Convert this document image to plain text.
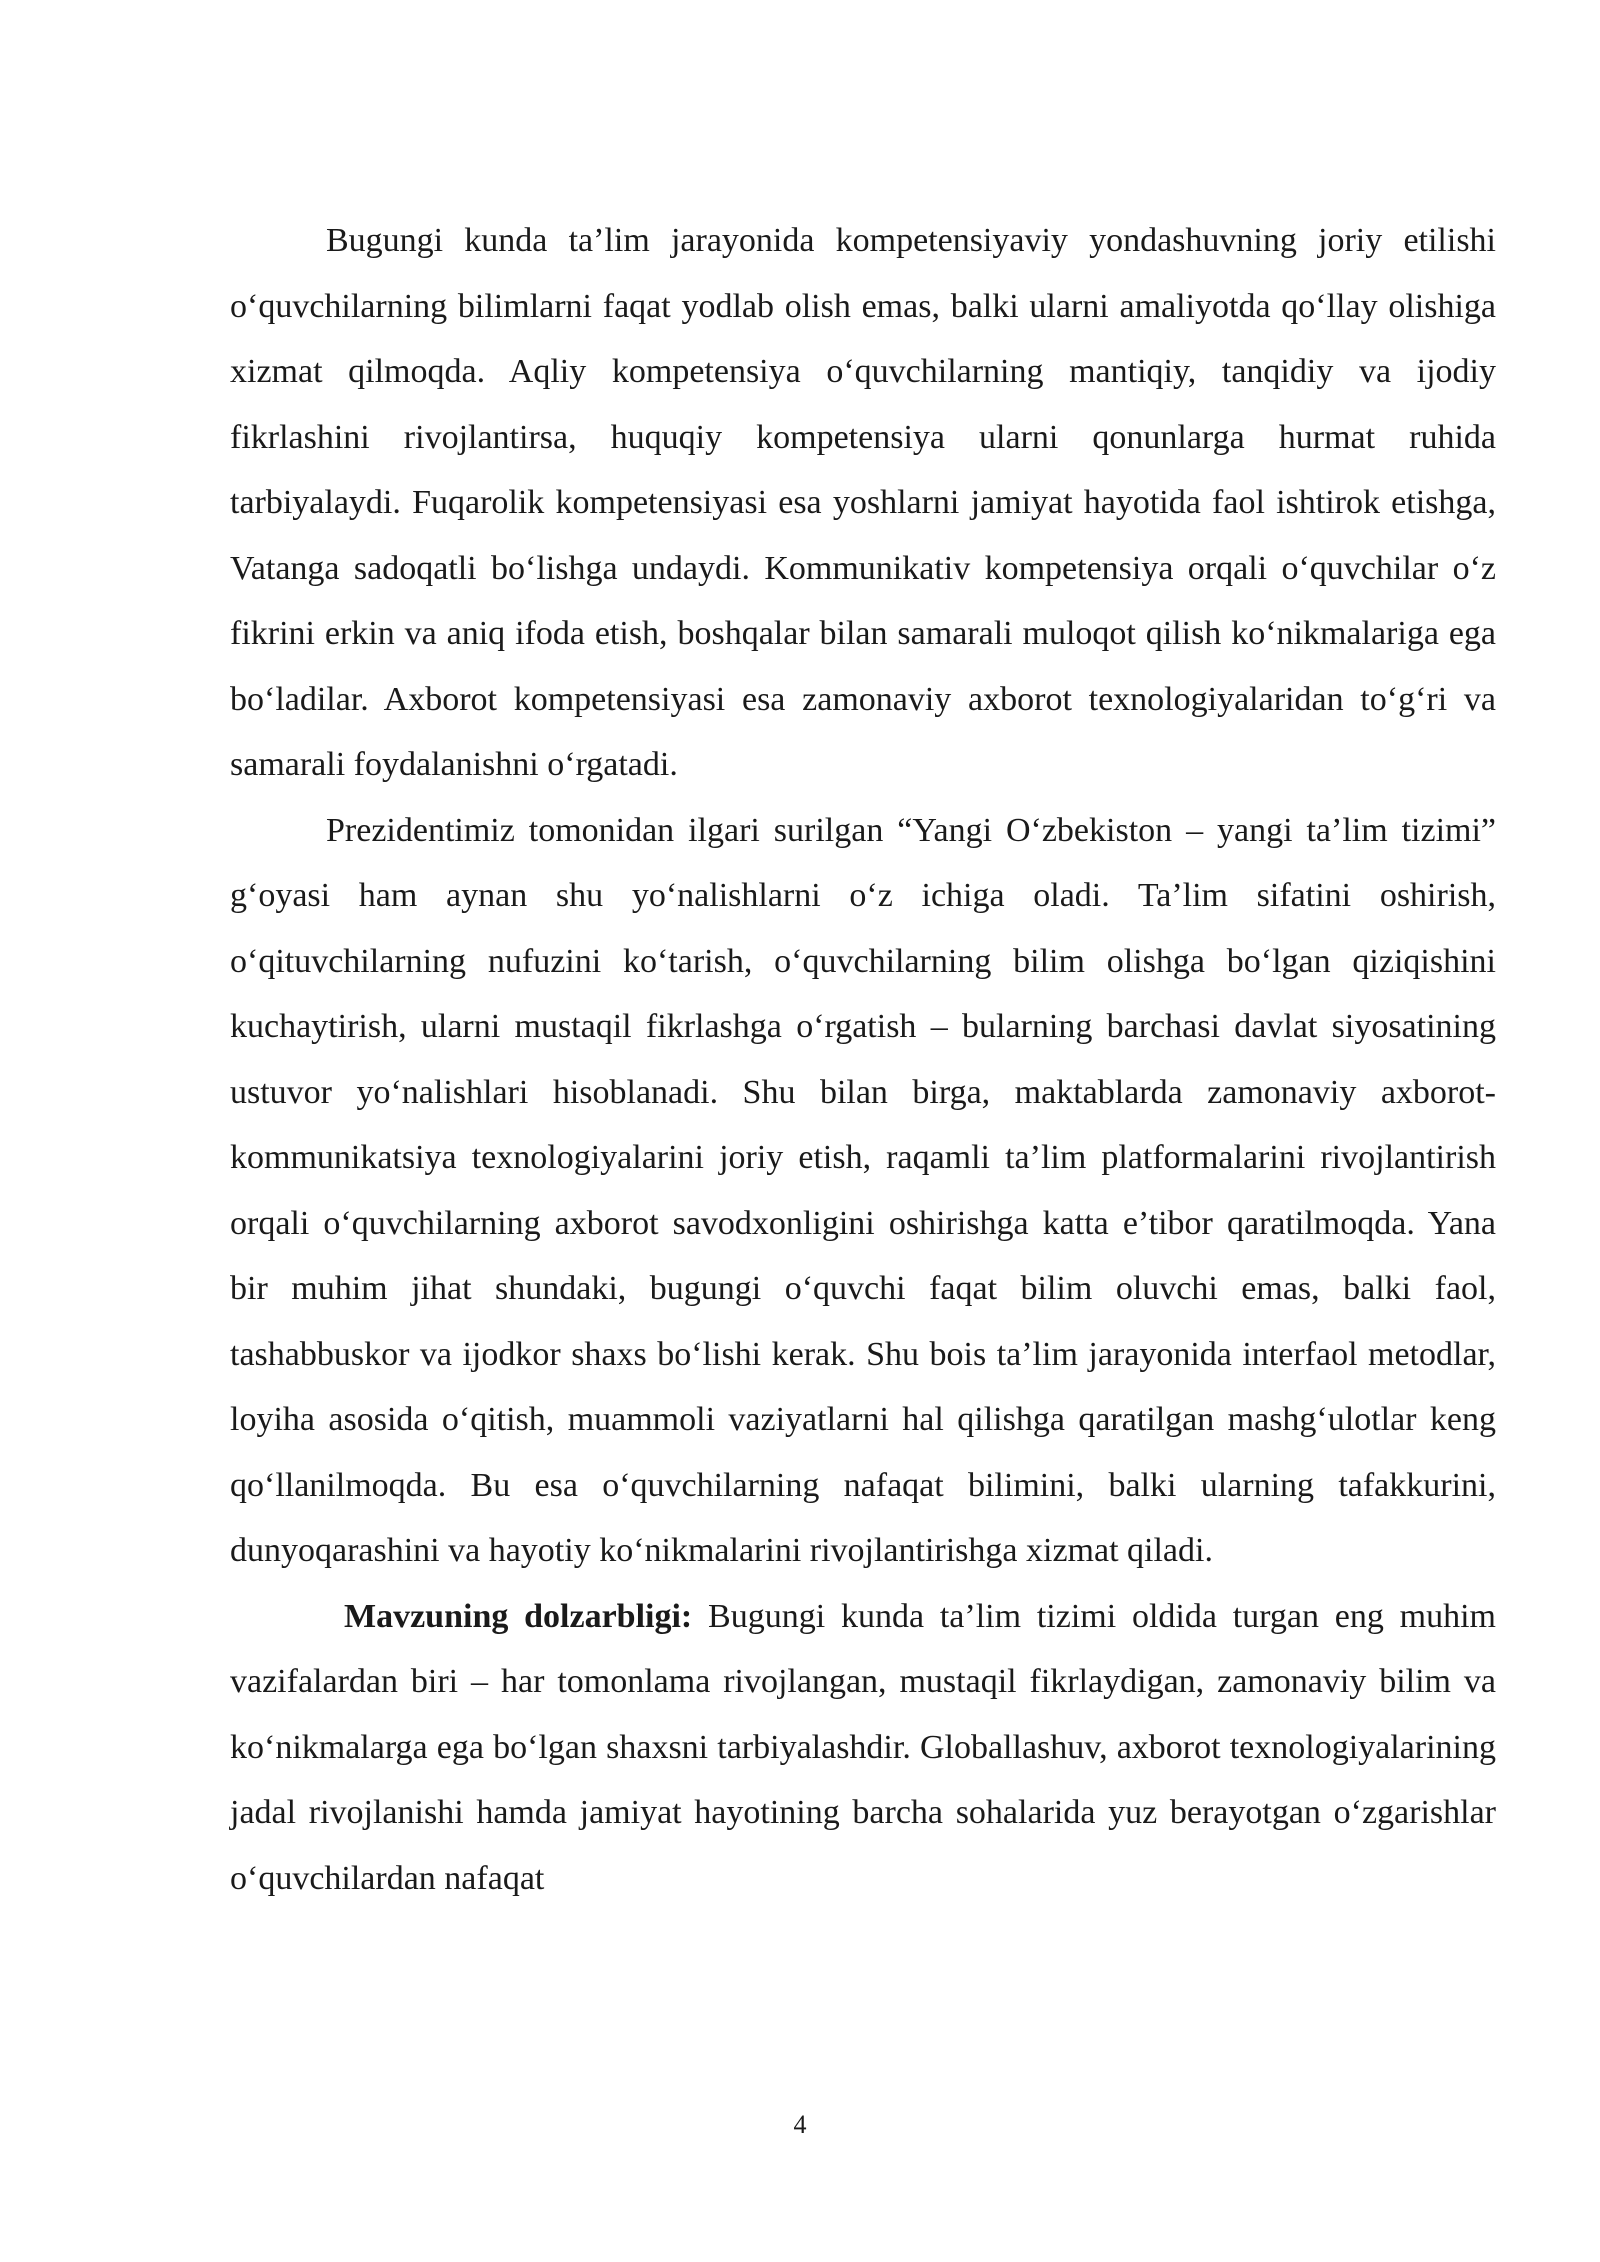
Bugungi kunda ta’lim jarayonida kompetensiyaviy yondashuvning joriy etilishi o‘quvchilarning bilimlarni faqat yodlab olish emas, balki ularni amaliyotda qo‘llay olishiga xizmat qilmoqda. Aqliy kompetensiya o‘quvchilarning mantiqiy, tanqidiy va ijodiy fikrlashini rivojlantirsa, huquqiy kompetensiya ularni qonunlarga hurmat ruhida tarbiyalaydi. Fuqarolik kompetensiyasi esa yoshlarni jamiyat hayotida faol ishtirok etishga, Vatanga sadoqatli bo‘lishga undaydi. Kommunikativ kompetensiya orqali o‘quvchilar o‘z fikrini erkin va aniq ifoda etish, boshqalar bilan samarali muloqot qilish ko‘nikmalariga ega bo‘ladilar. Axborot kompetensiyasi esa zamonaviy axborot texnologiyalaridan to‘g‘ri va samarali foydalanishni o‘rgatadi.

Prezidentimiz tomonidan ilgari surilgan “Yangi O‘zbekiston – yangi ta’lim tizimi” g‘oyasi ham aynan shu yo‘nalishlarni o‘z ichiga oladi. Ta’lim sifatini oshirish, o‘qituvchilarning nufuzini ko‘tarish, o‘quvchilarning bilim olishga bo‘lgan qiziqishini kuchaytirish, ularni mustaqil fikrlashga o‘rgatish – bularning barchasi davlat siyosatining ustuvor yo‘nalishlari hisoblanadi. Shu bilan birga, maktablarda zamonaviy axborot-kommunikatsiya texnologiyalarini joriy etish, raqamli ta’lim platformalarini rivojlantirish orqali o‘quvchilarning axborot savodxonligini oshirishga katta e’tibor qaratilmoqda. Yana bir muhim jihat shundaki, bugungi o‘quvchi faqat bilim oluvchi emas, balki faol, tashabbuskor va ijodkor shaxs bo‘lishi kerak. Shu bois ta’lim jarayonida interfaol metodlar, loyiha asosida o‘qitish, muammoli vaziyatlarni hal qilishga qaratilgan mashg‘ulotlar keng qo‘llanilmoqda. Bu esa o‘quvchilarning nafaqat bilimini, balki ularning tafakkurini, dunyoqarashini va hayotiy ko‘nikmalarini rivojlantirishga xizmat qiladi.

Mavzuning dolzarbligi: Bugungi kunda ta’lim tizimi oldida turgan eng muhim vazifalardan biri – har tomonlama rivojlangan, mustaqil fikrlaydigan, zamonaviy bilim va ko‘nikmalarga ega bo‘lgan shaxsni tarbiyalashdir. Globallashuv, axborot texnologiyalarining jadal rivojlanishi hamda jamiyat hayotining barcha sohalarida yuz berayotgan o‘zgarishlar o‘quvchilardan nafaqat

4
